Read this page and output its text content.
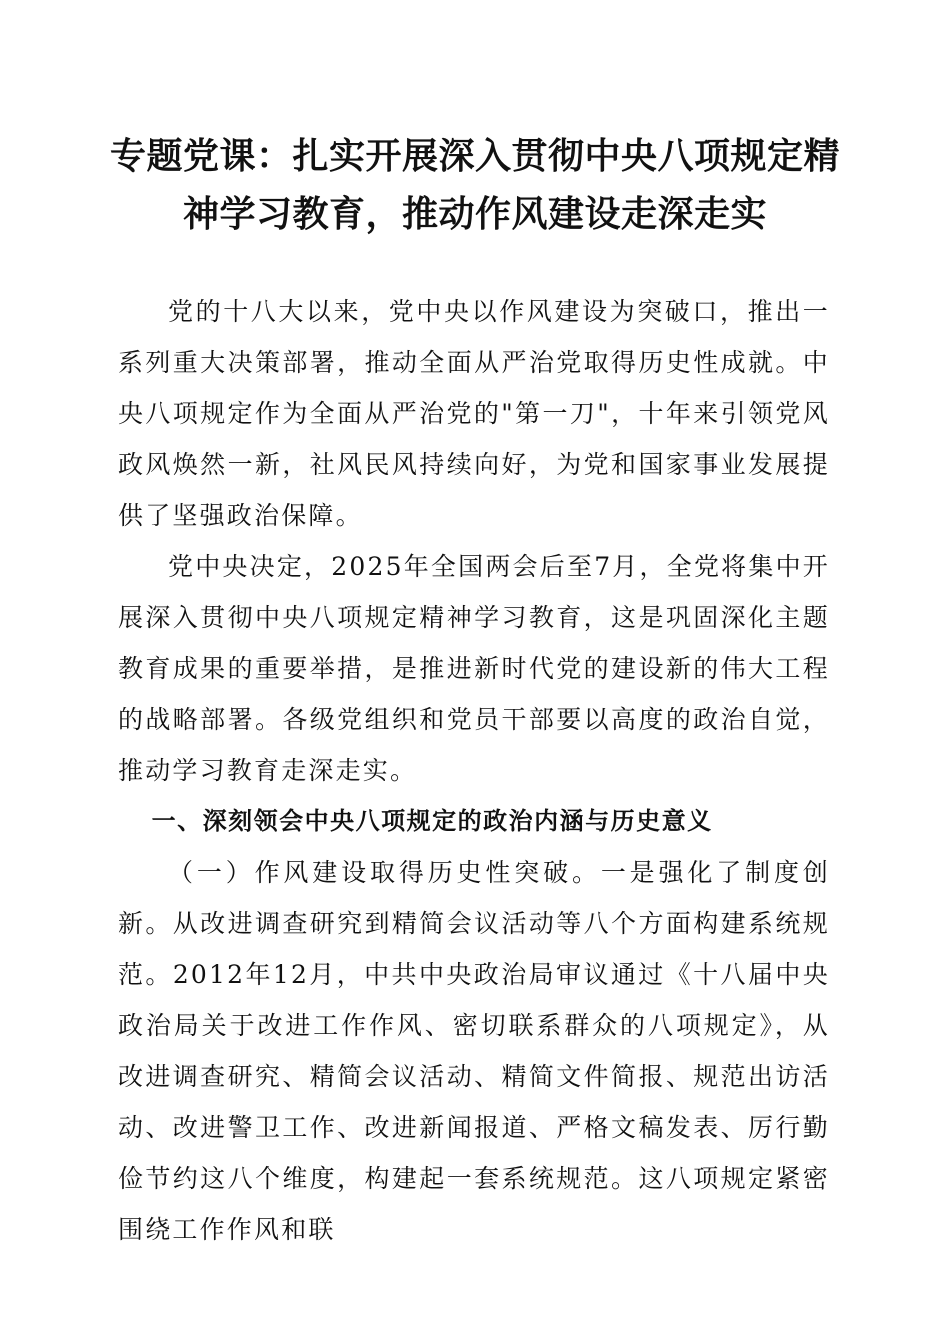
专题党课：扎实开展深入贯彻中央八项规定精神学习教育，推动作风建设走深走实

党的十八大以来，党中央以作风建设为突破口，推出一系列重大决策部署，推动全面从严治党取得历史性成就。中央八项规定作为全面从严治党的"第一刀"，十年来引领党风政风焕然一新，社风民风持续向好，为党和国家事业发展提供了坚强政治保障。

党中央决定，2025年全国两会后至7月，全党将集中开展深入贯彻中央八项规定精神学习教育，这是巩固深化主题教育成果的重要举措，是推进新时代党的建设新的伟大工程的战略部署。各级党组织和党员干部要以高度的政治自觉，推动学习教育走深走实。

一、深刻领会中央八项规定的政治内涵与历史意义

（一）作风建设取得历史性突破。一是强化了制度创新。从改进调查研究到精简会议活动等八个方面构建系统规范。2012年12月，中共中央政治局审议通过《十八届中央政治局关于改进工作作风、密切联系群众的八项规定》，从改进调查研究、精简会议活动、精简文件简报、规范出访活动、改进警卫工作、改进新闻报道、严格文稿发表、厉行勤俭节约这八个维度，构建起一套系统规范。这八项规定紧密围绕工作作风和联
